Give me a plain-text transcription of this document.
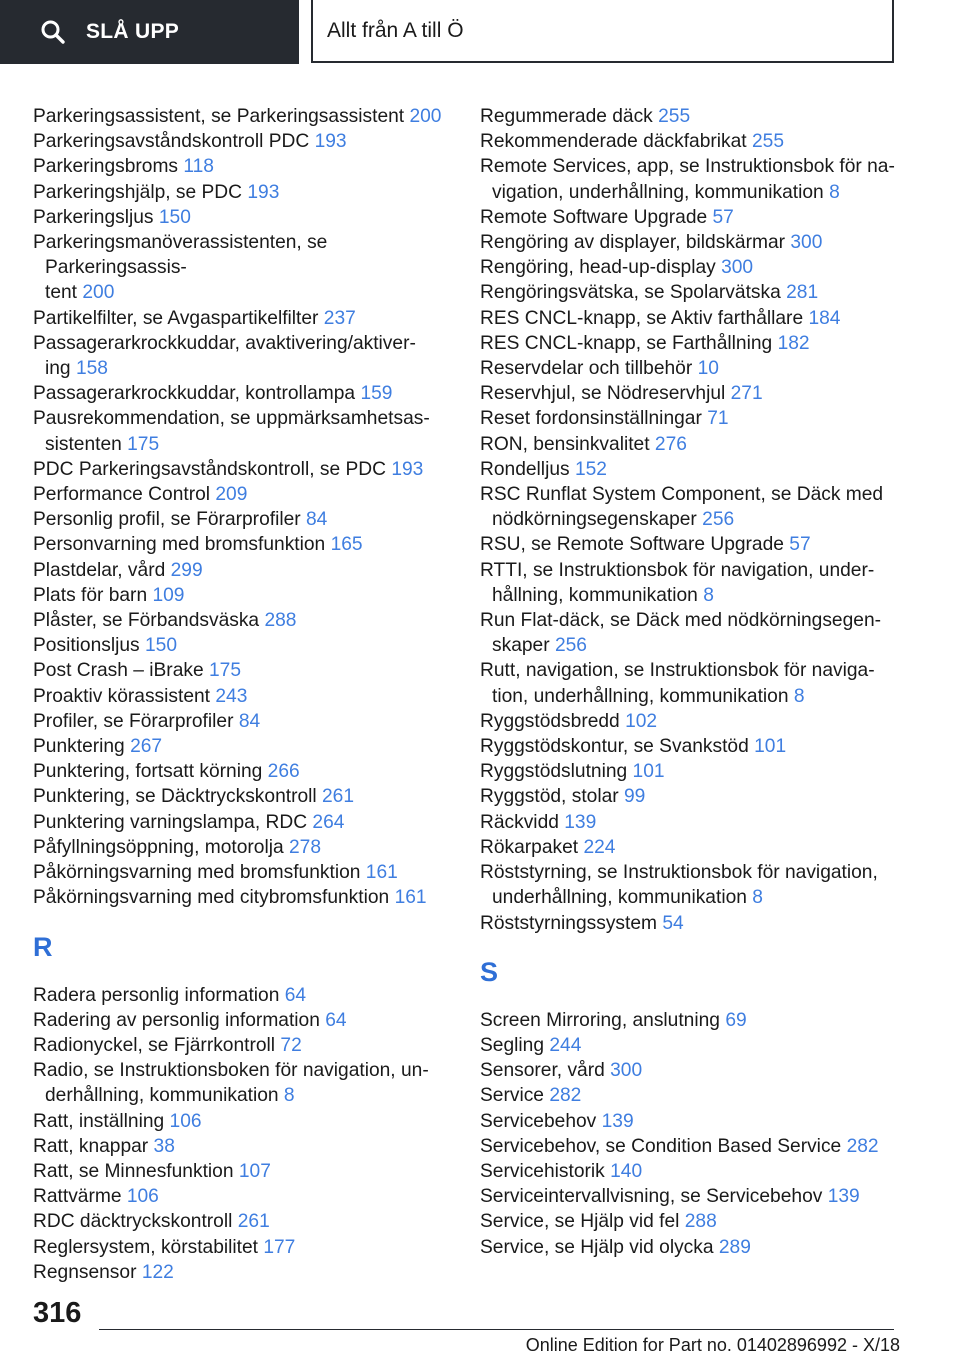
SLÅ UPP	Allt från A till Ö
Parkeringsassistent, se Parkeringsassistent 200
Parkeringsavståndskontroll PDC 193
Parkeringsbroms 118
Parkeringshjälp, se PDC 193
Parkeringsljus 150
Parkeringsmanöverassistenten, se Parkeringsassis-
tent 200
Partikelfilter, se Avgaspartikelfilter 237
Passagerarkrockkuddar, avaktivering/aktiver-
ing 158
Passagerarkrockkuddar, kontrollampa 159
Pausrekommendation, se uppmärksamhetsas-
sistenten 175
PDC Parkeringsavståndskontroll, se PDC 193
Performance Control 209
Personlig profil, se Förarprofiler 84
Personvarning med bromsfunktion 165
Plastdelar, vård 299
Plats för barn 109
Plåster, se Förbandsväska 288
Positionsljus 150
Post Crash – iBrake 175
Proaktiv körassistent 243
Profiler, se Förarprofiler 84
Punktering 267
Punktering, fortsatt körning 266
Punktering, se Däcktryckskontroll 261
Punktering varningslampa, RDC 264
Påfyllningsöppning, motorolja 278
Påkörningsvarning med bromsfunktion 161
Påkörningsvarning med citybromsfunktion 161
R
Radera personlig information 64
Radering av personlig information 64
Radionyckel, se Fjärrkontroll 72
Radio, se Instruktionsboken för navigation, un-
derhållning, kommunikation 8
Ratt, inställning 106
Ratt, knappar 38
Ratt, se Minnesfunktion 107
Rattvärme 106
RDC däcktryckskontroll 261
Reglersystem, körstabilitet 177
Regnsensor 122
Regummerade däck 255
Rekommenderade däckfabrikat 255
Remote Services, app, se Instruktionsbok för na-
vigation, underhållning, kommunikation 8
Remote Software Upgrade 57
Rengöring av displayer, bildskärmar 300
Rengöring, head-up-display 300
Rengöringsvätska, se Spolarvätska 281
RES CNCL-knapp, se Aktiv farthållare 184
RES CNCL-knapp, se Farthållning 182
Reservdelar och tillbehör 10
Reservhjul, se Nödreservhjul 271
Reset fordonsinställningar 71
RON, bensinkvalitet 276
Rondelljus 152
RSC Runflat System Component, se Däck med
nödkörningsegenskaper 256
RSU, se Remote Software Upgrade 57
RTTI, se Instruktionsbok för navigation, under-
hållning, kommunikation 8
Run Flat-däck, se Däck med nödkörningsegen-
skaper 256
Rutt, navigation, se Instruktionsbok för naviga-
tion, underhållning, kommunikation 8
Ryggstödsbredd 102
Ryggstödskontur, se Svankstöd 101
Ryggstödslutning 101
Ryggstöd, stolar 99
Räckvidd 139
Rökarpaket 224
Röststyrning, se Instruktionsbok för navigation,
underhållning, kommunikation 8
Röststyrningssystem 54
S
Screen Mirroring, anslutning 69
Segling 244
Sensorer, vård 300
Service 282
Servicebehov 139
Servicebehov, se Condition Based Service 282
Servicehistorik 140
Serviceintervallvisning, se Servicebehov 139
Service, se Hjälp vid fel 288
Service, se Hjälp vid olycka 289
316
Online Edition for Part no. 01402896992 - X/18
